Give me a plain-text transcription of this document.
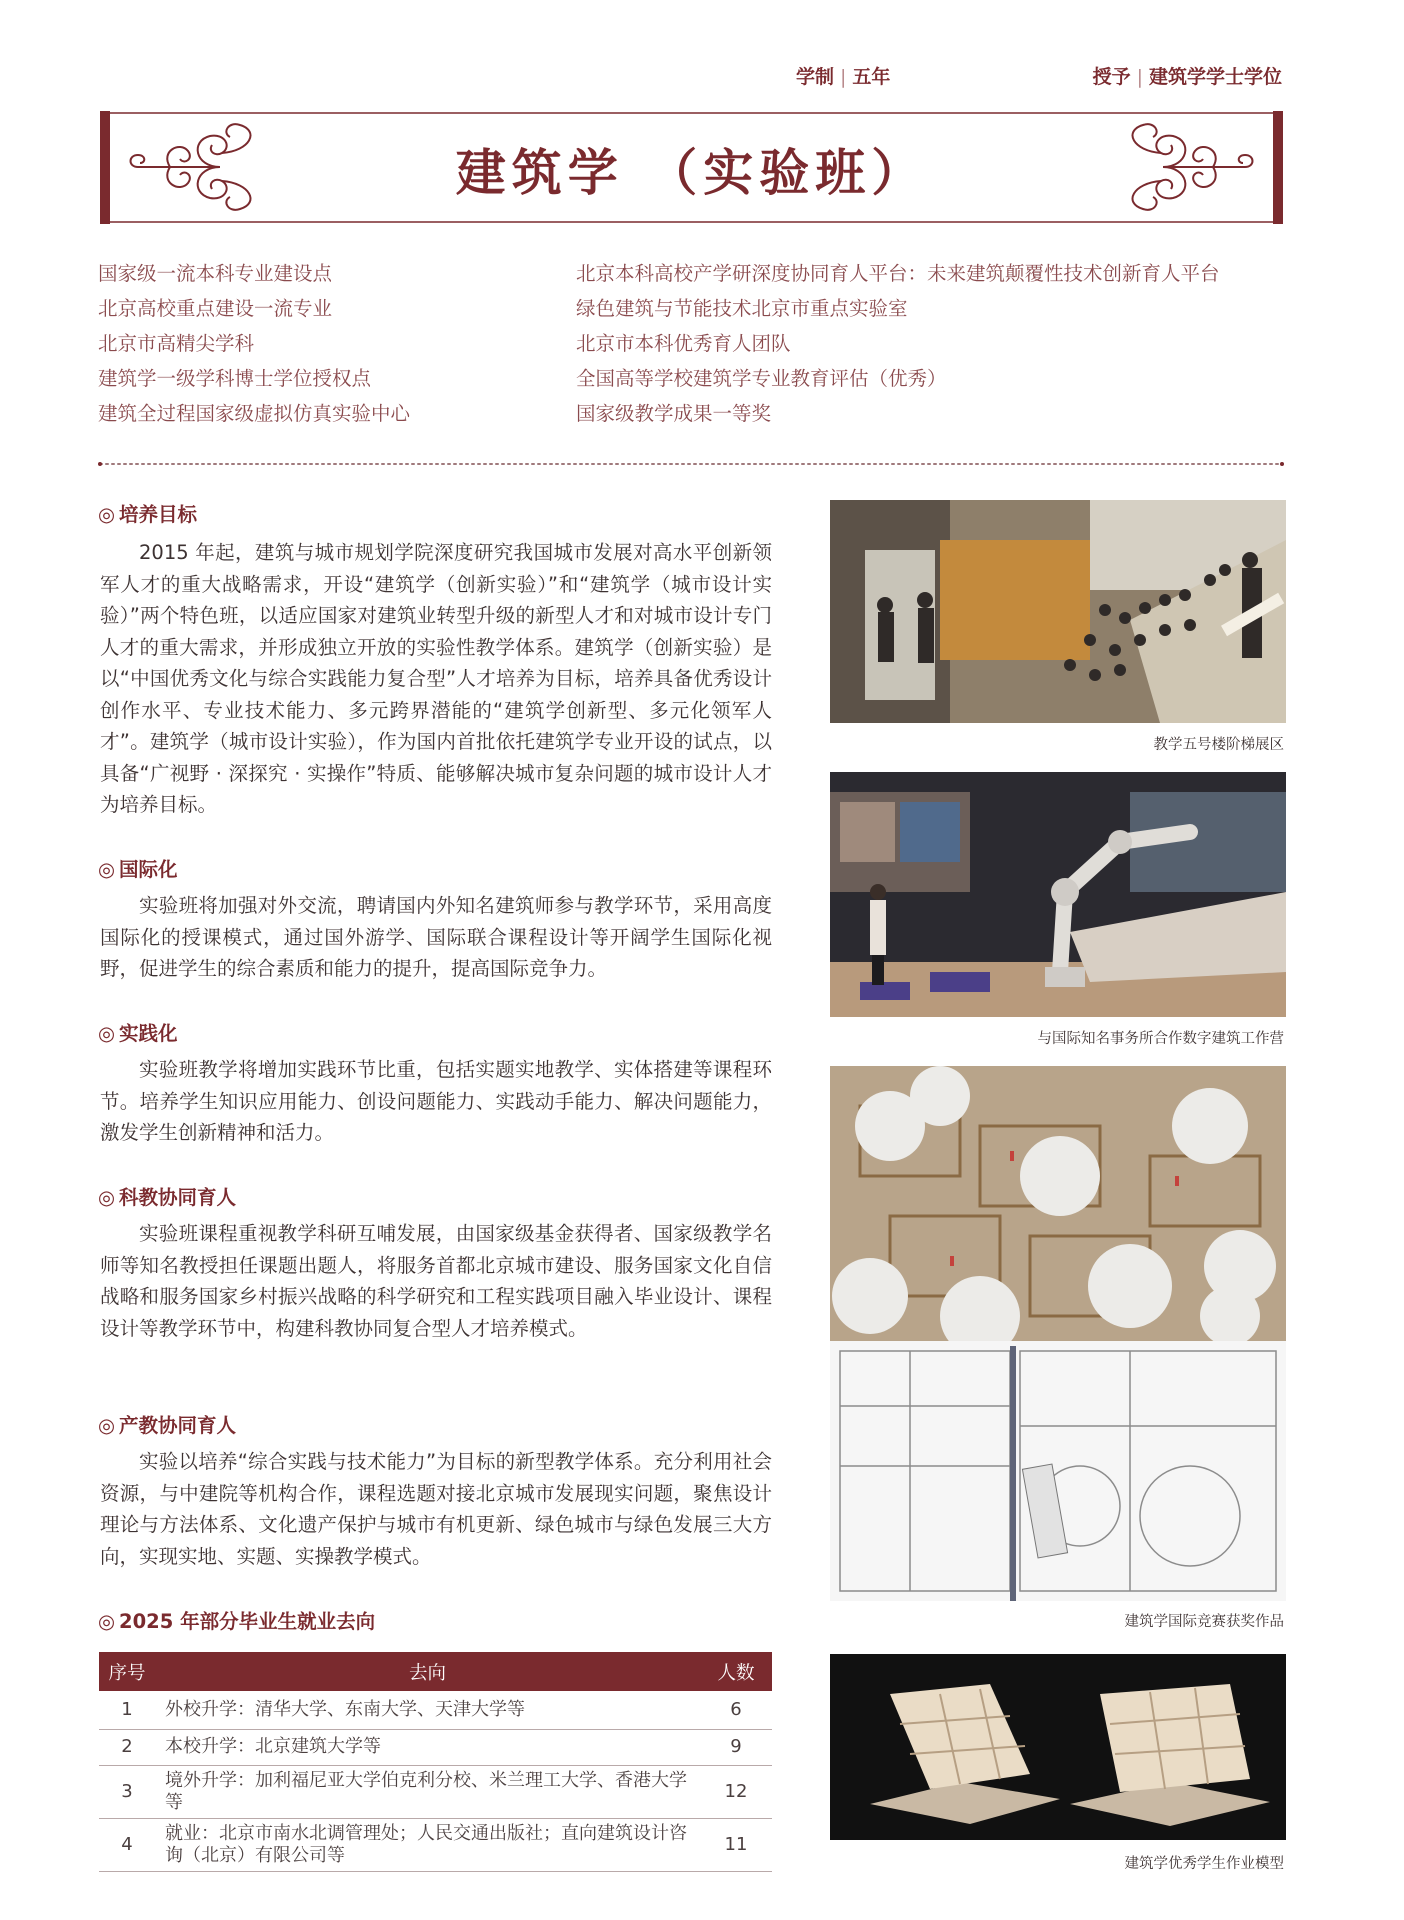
学制 | 五年	授予 | 建筑学学士学位
建筑学 （实验班）
国家级一流本科专业建设点
北京高校重点建设一流专业
北京市高精尖学科
建筑学一级学科博士学位授权点
建筑全过程国家级虚拟仿真实验中心
北京本科高校产学研深度协同育人平台：未来建筑颠覆性技术创新育人平台
绿色建筑与节能技术北京市重点实验室
北京市本科优秀育人团队
全国高等学校建筑学专业教育评估（优秀）
国家级教学成果一等奖
◎ 培养目标
2015 年起，建筑与城市规划学院深度研究我国城市发展对高水平创新领军人才的重大战略需求，开设“建筑学（创新实验）”和“建筑学（城市设计实验）”两个特色班，以适应国家对建筑业转型升级的新型人才和对城市设计专门人才的重大需求，并形成独立开放的实验性教学体系。建筑学（创新实验）是以“中国优秀文化与综合实践能力复合型”人才培养为目标，培养具备优秀设计创作水平、专业技术能力、多元跨界潜能的“建筑学创新型、多元化领军人才”。建筑学（城市设计实验），作为国内首批依托建筑学专业开设的试点，以具备“广视野 · 深探究 · 实操作”特质、能够解决城市复杂问题的城市设计人才为培养目标。
◎ 国际化
实验班将加强对外交流，聘请国内外知名建筑师参与教学环节，采用高度国际化的授课模式，通过国外游学、国际联合课程设计等开阔学生国际化视野，促进学生的综合素质和能力的提升，提高国际竞争力。
◎ 实践化
实验班教学将增加实践环节比重，包括实题实地教学、实体搭建等课程环节。培养学生知识应用能力、创设问题能力、实践动手能力、解决问题能力，激发学生创新精神和活力。
◎ 科教协同育人
实验班课程重视教学科研互哺发展，由国家级基金获得者、国家级教学名师等知名教授担任课题出题人，将服务首都北京城市建设、服务国家文化自信战略和服务国家乡村振兴战略的科学研究和工程实践项目融入毕业设计、课程设计等教学环节中，构建科教协同复合型人才培养模式。
◎ 产教协同育人
实验以培养“综合实践与技术能力”为目标的新型教学体系。充分利用社会资源，与中建院等机构合作，课程选题对接北京城市发展现实问题，聚焦设计理论与方法体系、文化遗产保护与城市有机更新、绿色城市与绿色发展三大方向，实现实地、实题、实操教学模式。
◎ 2025 年部分毕业生就业去向
序号	去向	人数
1	外校升学：清华大学、东南大学、天津大学等	6
2	本校升学：北京建筑大学等	9
3	境外升学：加利福尼亚大学伯克利分校、米兰理工大学、香港大学等	12
4	就业：北京市南水北调管理处；人民交通出版社；直向建筑设计咨询（北京）有限公司等	11
教学五号楼阶梯展区
与国际知名事务所合作数字建筑工作营
建筑学国际竞赛获奖作品
建筑学优秀学生作业模型
